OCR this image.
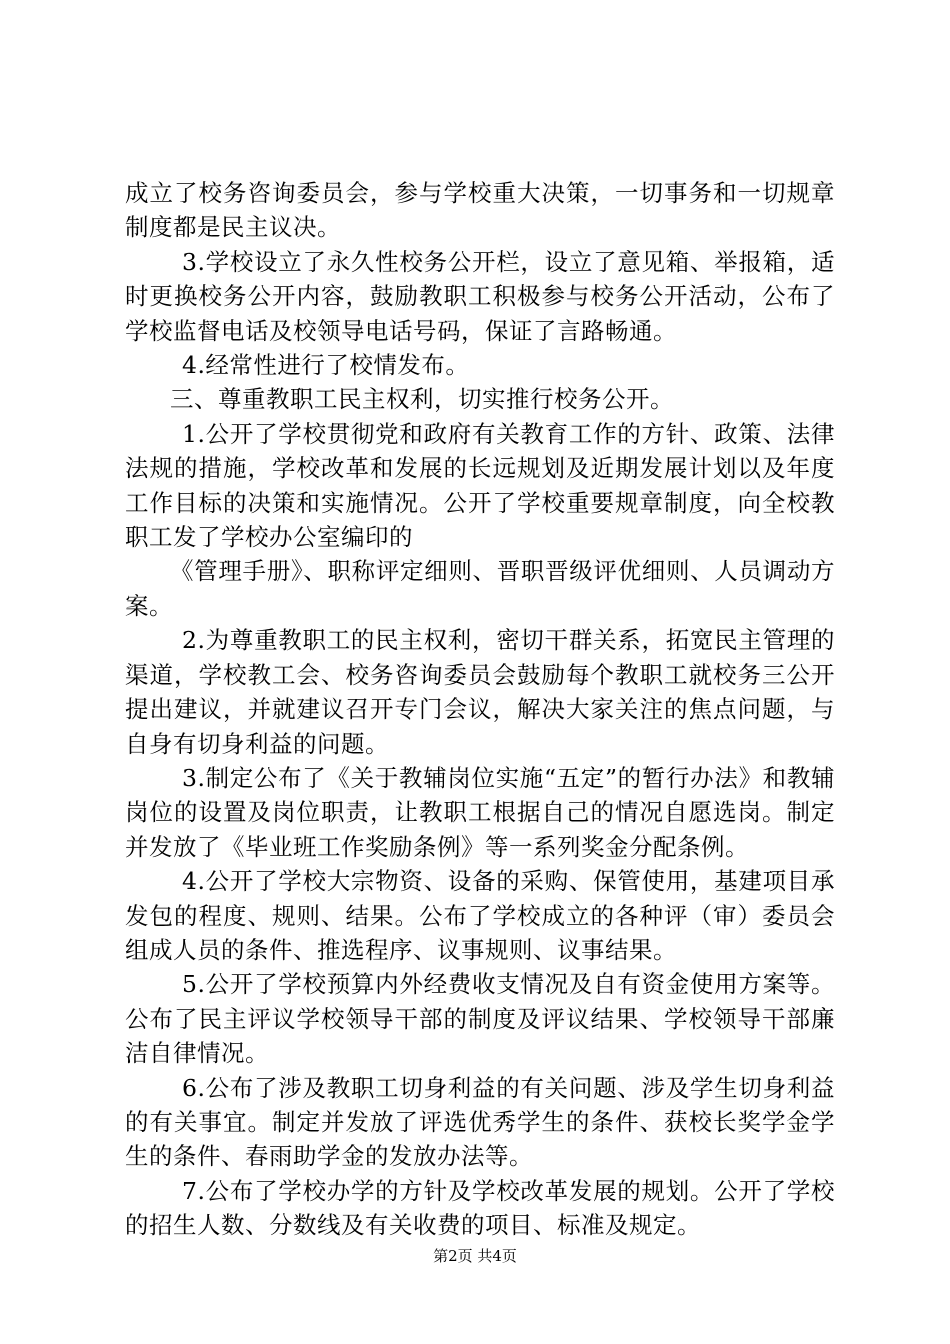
成立了校务咨询委员会，参与学校重大决策，一切事务和一切规章制度都是民主议决。

3.学校设立了永久性校务公开栏，设立了意见箱、举报箱，适时更换校务公开内容，鼓励教职工积极参与校务公开活动，公布了学校监督电话及校领导电话号码，保证了言路畅通。

4.经常性进行了校情发布。

三、尊重教职工民主权利，切实推行校务公开。

1.公开了学校贯彻党和政府有关教育工作的方针、政策、法律法规的措施，学校改革和发展的长远规划及近期发展计划以及年度工作目标的决策和实施情况。公开了学校重要规章制度，向全校教职工发了学校办公室编印的

《管理手册》、职称评定细则、晋职晋级评优细则、人员调动方案。

2.为尊重教职工的民主权利，密切干群关系，拓宽民主管理的渠道，学校教工会、校务咨询委员会鼓励每个教职工就校务三公开提出建议，并就建议召开专门会议，解决大家关注的焦点问题，与自身有切身利益的问题。

3.制定公布了《关于教辅岗位实施“五定”的暂行办法》和教辅岗位的设置及岗位职责，让教职工根据自己的情况自愿选岗。制定并发放了《毕业班工作奖励条例》等一系列奖金分配条例。

4.公开了学校大宗物资、设备的采购、保管使用，基建项目承发包的程度、规则、结果。公布了学校成立的各种评（审）委员会组成人员的条件、推选程序、议事规则、议事结果。

5.公开了学校预算内外经费收支情况及自有资金使用方案等。公布了民主评议学校领导干部的制度及评议结果、学校领导干部廉洁自律情况。

6.公布了涉及教职工切身利益的有关问题、涉及学生切身利益的有关事宜。制定并发放了评选优秀学生的条件、获校长奖学金学生的条件、春雨助学金的发放办法等。

7.公布了学校办学的方针及学校改革发展的规划。公开了学校的招生人数、分数线及有关收费的项目、标准及规定。

第2页 共4页
